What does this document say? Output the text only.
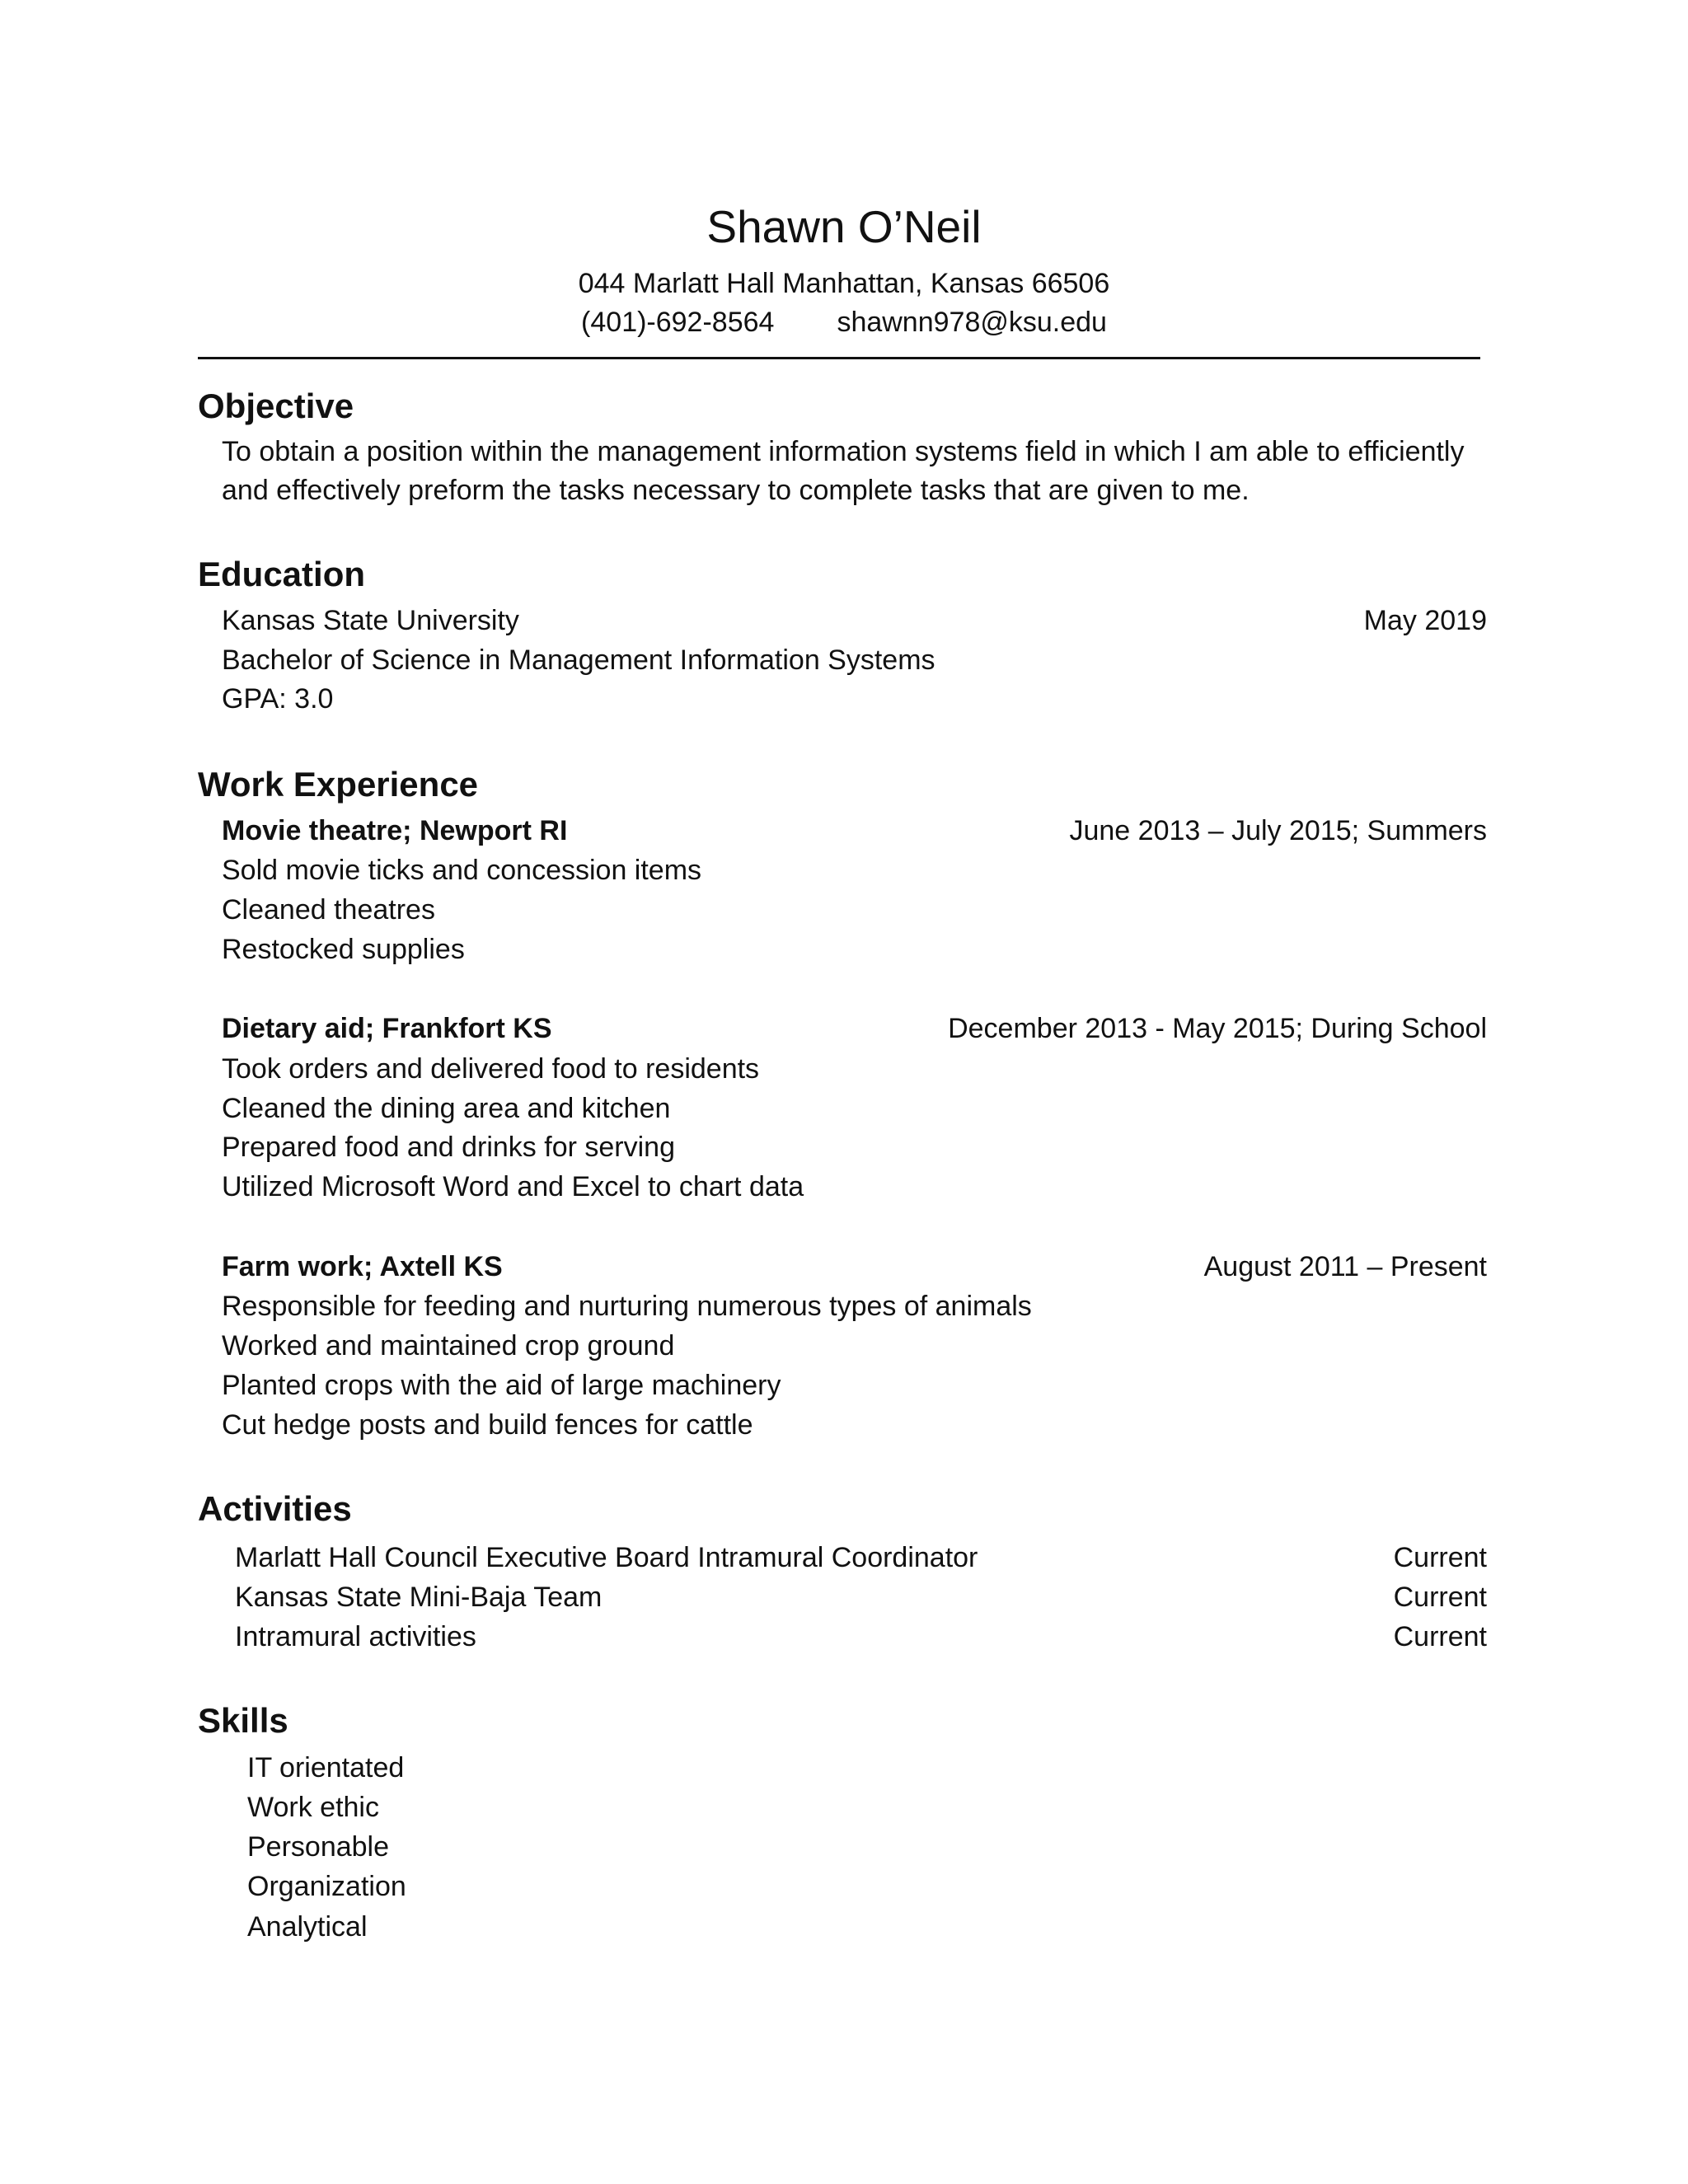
Shawn O’Neil
044 Marlatt Hall Manhattan, Kansas 66506
(401)-692-8564 shawnn978@ksu.edu
Objective
To obtain a position within the management information systems field in which I am able to efficiently
and effectively preform the tasks necessary to complete tasks that are given to me.
Education
Kansas State University	May 2019
Bachelor of Science in Management Information Systems
GPA: 3.0
Work Experience
Movie theatre; Newport RI	June 2013 – July 2015; Summers
Sold movie ticks and concession items
Cleaned theatres
Restocked supplies
Dietary aid; Frankfort KS	December 2013 - May 2015; During School
Took orders and delivered food to residents
Cleaned the dining area and kitchen
Prepared food and drinks for serving
Utilized Microsoft Word and Excel to chart data
Farm work; Axtell KS	August 2011 – Present
Responsible for feeding and nurturing numerous types of animals
Worked and maintained crop ground
Planted crops with the aid of large machinery
Cut hedge posts and build fences for cattle
Activities
Marlatt Hall Council Executive Board Intramural Coordinator	Current
Kansas State Mini-Baja Team	Current
Intramural activities	Current
Skills
IT orientated
Work ethic
Personable
Organization
Analytical
